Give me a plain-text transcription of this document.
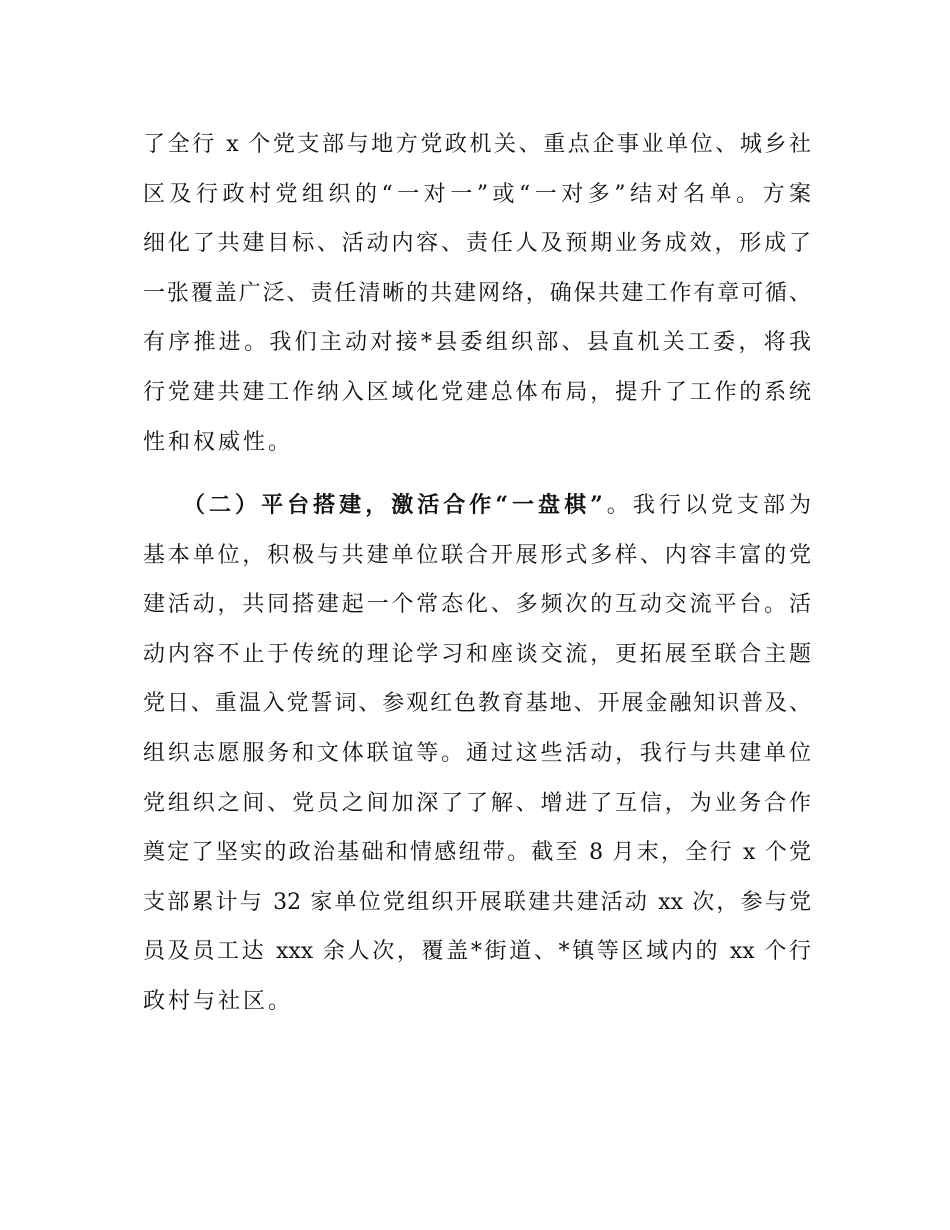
了全行 x 个党支部与地方党政机关、重点企事业单位、城乡社
区及行政村党组织的“一对一”或“一对多”结对名单。方案
细化了共建目标、活动内容、责任人及预期业务成效，形成了
一张覆盖广泛、责任清晰的共建网络，确保共建工作有章可循、
有序推进。我们主动对接*县委组织部、县直机关工委，将我
行党建共建工作纳入区域化党建总体布局，提升了工作的系统
性和权威性。
（二）平台搭建，激活合作“一盘棋”。我行以党支部为
基本单位，积极与共建单位联合开展形式多样、内容丰富的党
建活动，共同搭建起一个常态化、多频次的互动交流平台。活
动内容不止于传统的理论学习和座谈交流，更拓展至联合主题
党日、重温入党誓词、参观红色教育基地、开展金融知识普及、
组织志愿服务和文体联谊等。通过这些活动，我行与共建单位
党组织之间、党员之间加深了了解、增进了互信，为业务合作
奠定了坚实的政治基础和情感纽带。截至 8 月末，全行 x 个党
支部累计与 32 家单位党组织开展联建共建活动 xx 次，参与党
员及员工达 xxx 余人次，覆盖*街道、*镇等区域内的 xx 个行
政村与社区。
